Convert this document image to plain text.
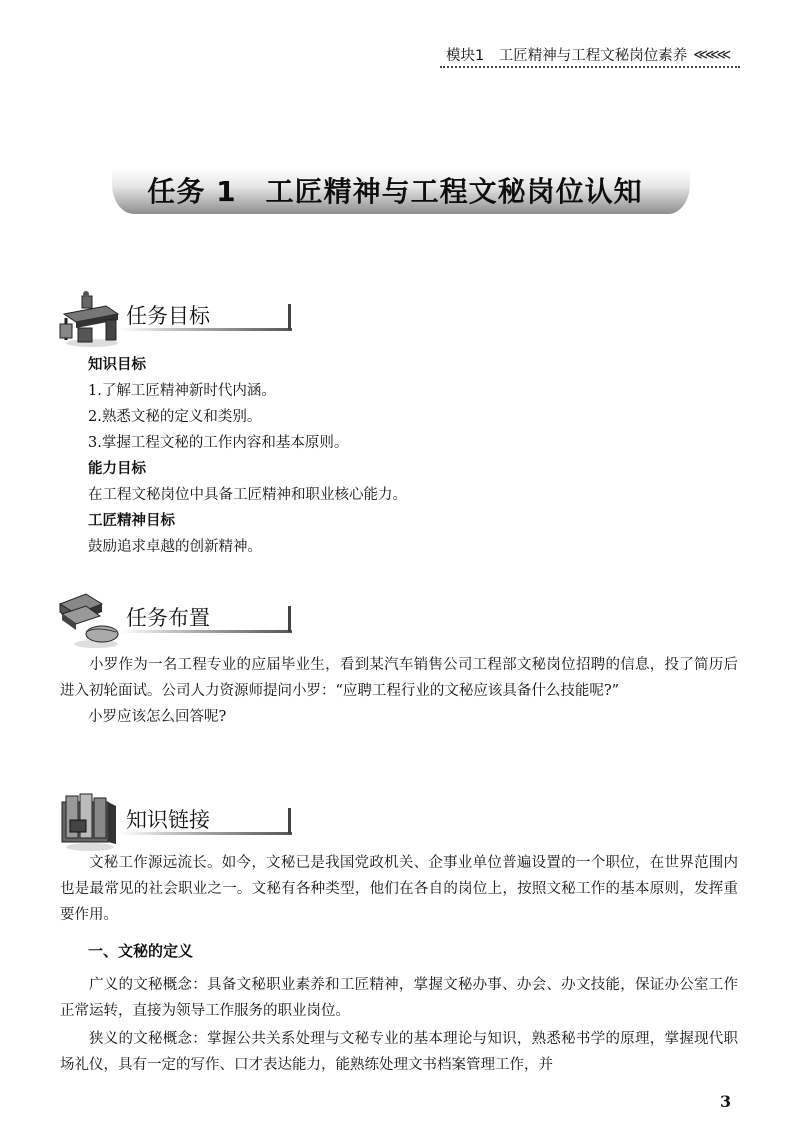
模块1　工匠精神与工程文秘岗位素养 ≪≪≪
任务 1　工匠精神与工程文秘岗位认知
任务目标
知识目标
1.了解工匠精神新时代内涵。
2.熟悉文秘的定义和类别。
3.掌握工程文秘的工作内容和基本原则。
能力目标
在工程文秘岗位中具备工匠精神和职业核心能力。
工匠精神目标
鼓励追求卓越的创新精神。
任务布置
小罗作为一名工程专业的应届毕业生，看到某汽车销售公司工程部文秘岗位招聘的信息，投了简历后进入初轮面试。公司人力资源师提问小罗：“应聘工程行业的文秘应该具备什么技能呢?”
小罗应该怎么回答呢?
知识链接
文秘工作源远流长。如今，文秘已是我国党政机关、企事业单位普遍设置的一个职位，在世界范围内也是最常见的社会职业之一。文秘有各种类型，他们在各自的岗位上，按照文秘工作的基本原则，发挥重要作用。
一、文秘的定义
广义的文秘概念：具备文秘职业素养和工匠精神，掌握文秘办事、办会、办文技能，保证办公室工作正常运转，直接为领导工作服务的职业岗位。
狭义的文秘概念：掌握公共关系处理与文秘专业的基本理论与知识，熟悉秘书学的原理，掌握现代职场礼仪，具有一定的写作、口才表达能力，能熟练处理文书档案管理工作，并
3
